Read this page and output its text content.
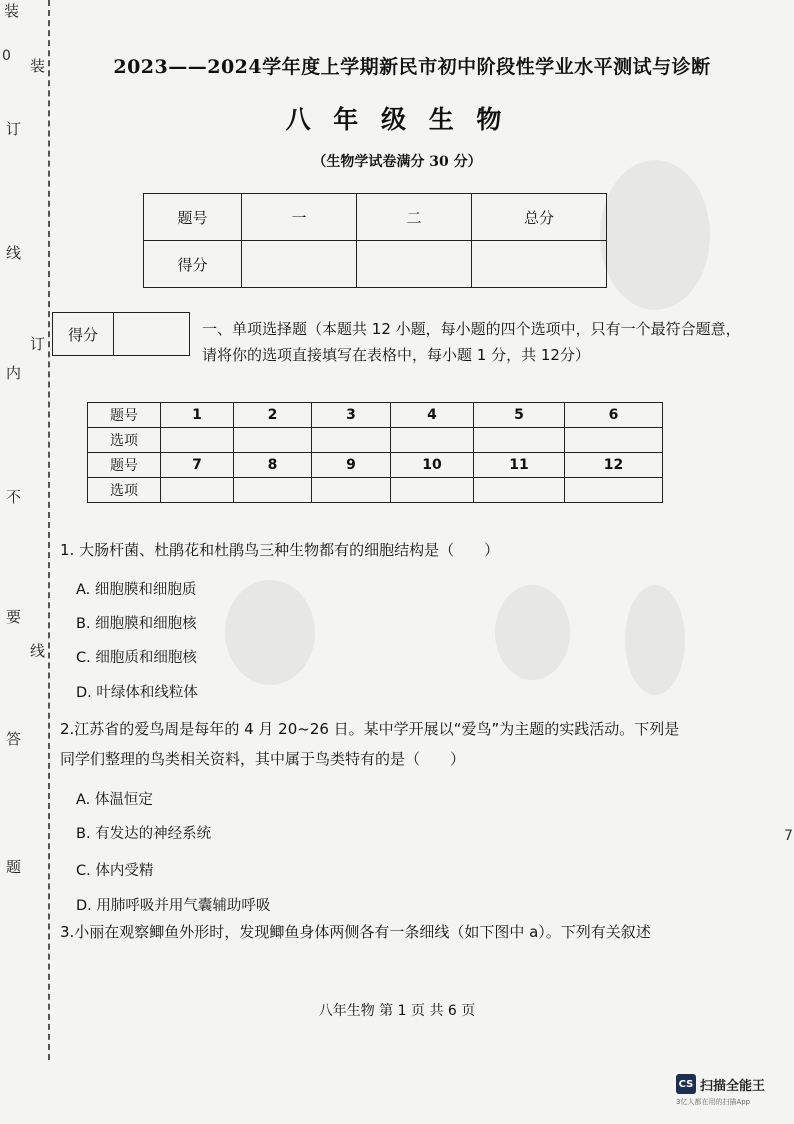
装
订
线
装
订
内
不
要
线
答
题
0
7
2023——2024学年度上学期新民市初中阶段性学业水平测试与诊断
八 年 级 生 物
（生物学试卷满分 30 分）
题号	一	二	总分
得分			
得分	一、单项选择题（本题共 12 小题，每小题的四个选项中，只有一个最符合题意，请将你的选项直接填写在表格中，每小题 1 分，共 12分）
题号	1	2	3	4	5	6
选项						
题号	7	8	9	10	11	12
选项						
1. 大肠杆菌、杜鹃花和杜鹃鸟三种生物都有的细胞结构是（　　）
A. 细胞膜和细胞质
B. 细胞膜和细胞核
C. 细胞质和细胞核
D. 叶绿体和线粒体
2.江苏省的爱鸟周是每年的 4 月 20~26 日。某中学开展以“爱鸟”为主题的实践活动。下列是
同学们整理的鸟类相关资料，其中属于鸟类特有的是（　　）
A. 体温恒定
B. 有发达的神经系统
C. 体内受精
D. 用肺呼吸并用气囊辅助呼吸
3.小丽在观察鲫鱼外形时，发现鲫鱼身体两侧各有一条细线（如下图中 a）。下列有关叙述
八年生物 第 1 页 共 6 页
CS 扫描全能王
3亿人都在用的扫描App
